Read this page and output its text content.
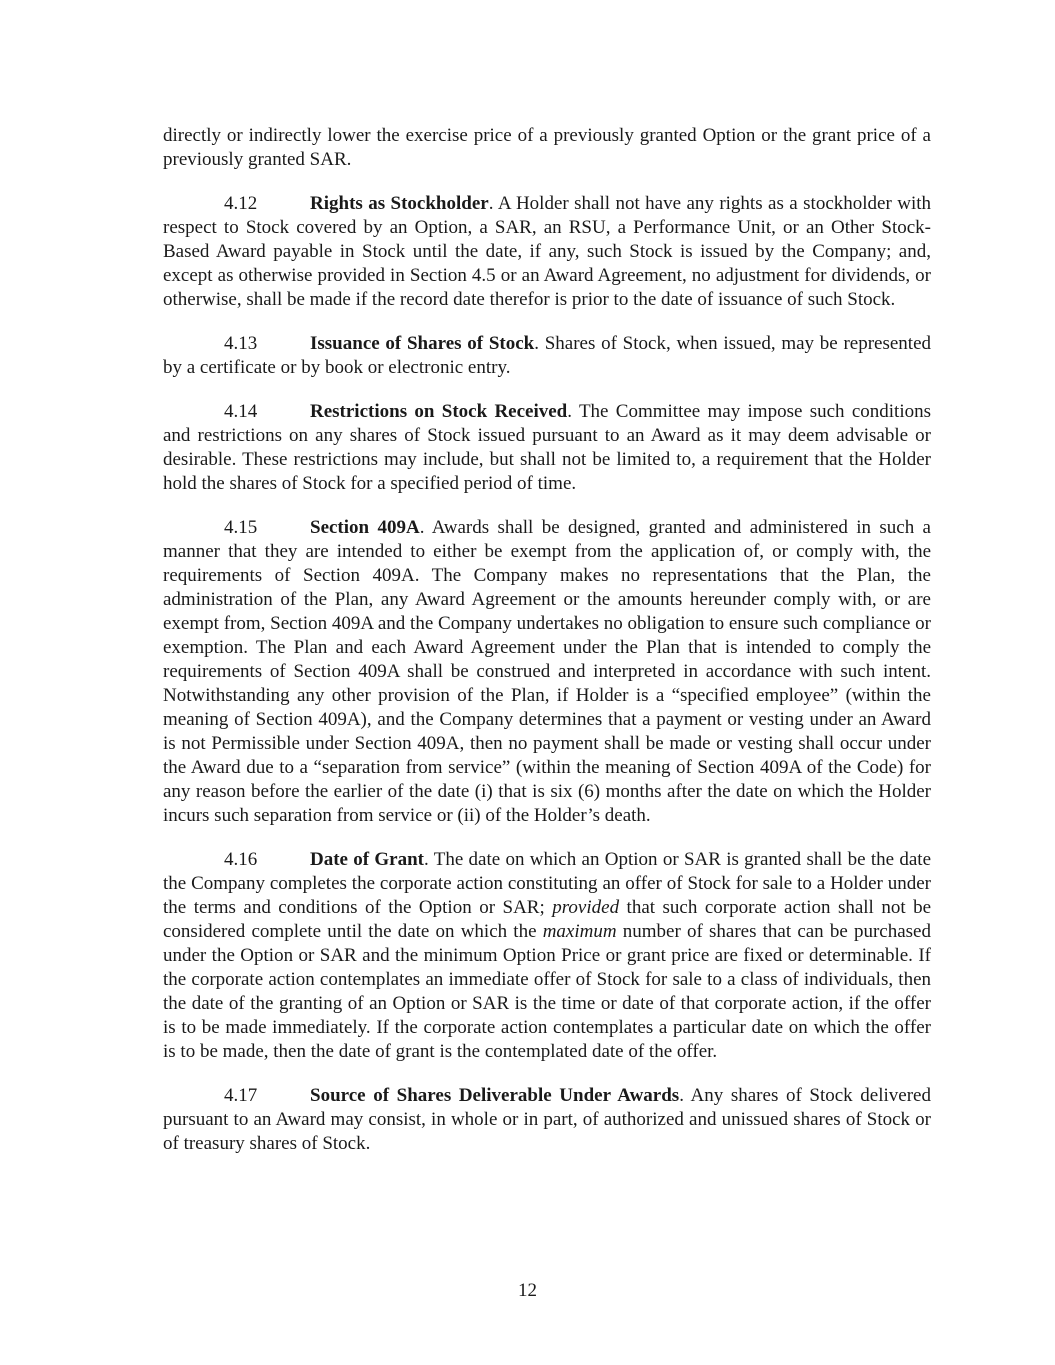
directly or indirectly lower the exercise price of a previously granted Option or the grant price of a previously granted SAR.

4.12	Rights as Stockholder. A Holder shall not have any rights as a stockholder with respect to Stock covered by an Option, a SAR, an RSU, a Performance Unit, or an Other Stock-Based Award payable in Stock until the date, if any, such Stock is issued by the Company; and, except as otherwise provided in Section 4.5 or an Award Agreement, no adjustment for dividends, or otherwise, shall be made if the record date therefor is prior to the date of issuance of such Stock.

4.13	Issuance of Shares of Stock. Shares of Stock, when issued, may be represented by a certificate or by book or electronic entry.

4.14	Restrictions on Stock Received. The Committee may impose such conditions and restrictions on any shares of Stock issued pursuant to an Award as it may deem advisable or desirable. These restrictions may include, but shall not be limited to, a requirement that the Holder hold the shares of Stock for a specified period of time.

4.15	Section 409A. Awards shall be designed, granted and administered in such a manner that they are intended to either be exempt from the application of, or comply with, the requirements of Section 409A. The Company makes no representations that the Plan, the administration of the Plan, any Award Agreement or the amounts hereunder comply with, or are exempt from, Section 409A and the Company undertakes no obligation to ensure such compliance or exemption. The Plan and each Award Agreement under the Plan that is intended to comply the requirements of Section 409A shall be construed and interpreted in accordance with such intent. Notwithstanding any other provision of the Plan, if Holder is a “specified employee” (within the meaning of Section 409A), and the Company determines that a payment or vesting under an Award is not Permissible under Section 409A, then no payment shall be made or vesting shall occur under the Award due to a “separation from service” (within the meaning of Section 409A of the Code) for any reason before the earlier of the date (i) that is six (6) months after the date on which the Holder incurs such separation from service or (ii) of the Holder’s death.

4.16	Date of Grant. The date on which an Option or SAR is granted shall be the date the Company completes the corporate action constituting an offer of Stock for sale to a Holder under the terms and conditions of the Option or SAR; provided that such corporate action shall not be considered complete until the date on which the maximum number of shares that can be purchased under the Option or SAR and the minimum Option Price or grant price are fixed or determinable. If the corporate action contemplates an immediate offer of Stock for sale to a class of individuals, then the date of the granting of an Option or SAR is the time or date of that corporate action, if the offer is to be made immediately. If the corporate action contemplates a particular date on which the offer is to be made, then the date of grant is the contemplated date of the offer.

4.17	Source of Shares Deliverable Under Awards. Any shares of Stock delivered pursuant to an Award may consist, in whole or in part, of authorized and unissued shares of Stock or of treasury shares of Stock.

12
